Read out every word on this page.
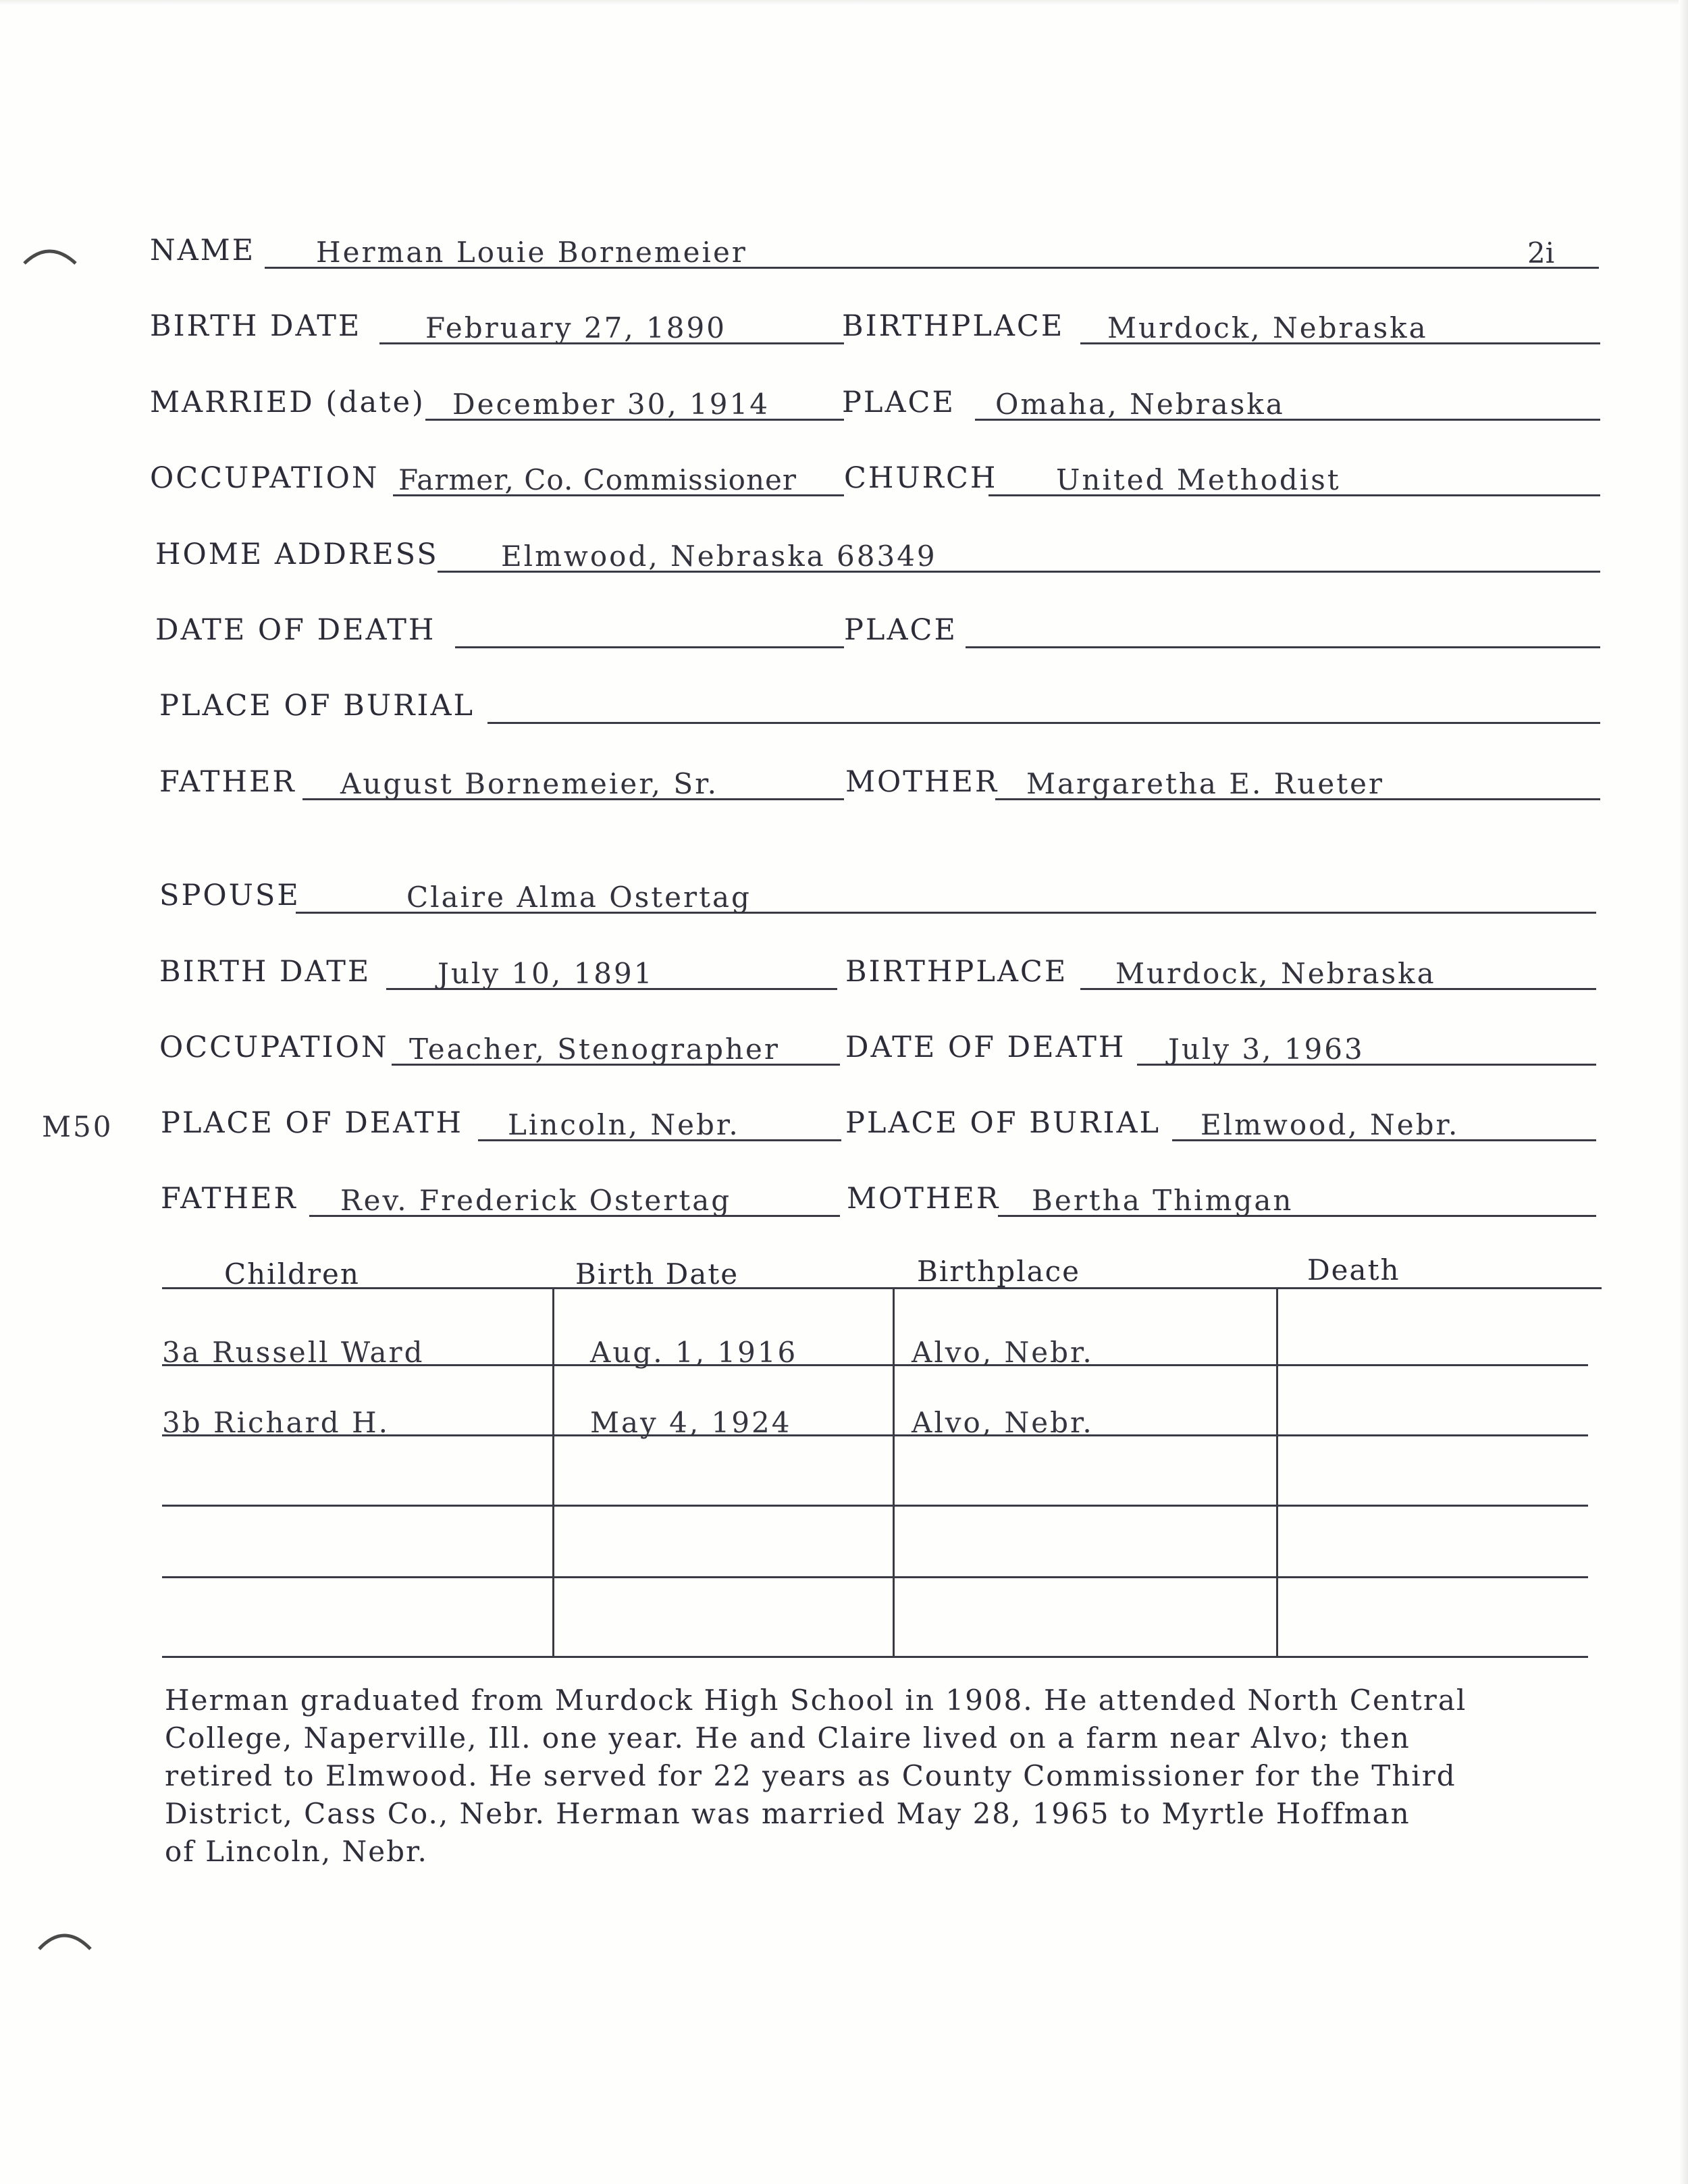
NAME Herman Louie Bornemeier	2i
BIRTH DATE February 27, 1890	BIRTHPLACE Murdock, Nebraska
MARRIED (date) December 30, 1914 PLACE Omaha, Nebraska
OCCUPATION Farmer, Co. Commissioner CHURCH United Methodist
HOME ADDRESS Elmwood, Nebraska 68349
DATE OF DEATH	PLACE
PLACE OF BURIAL
FATHER August Bornemeier, Sr.	MOTHER Margaretha E. Rueter
SPOUSE	Claire Alma Ostertag
BIRTH DATE July 10, 1891	BIRTHPLACE Murdock, Nebraska
OCCUPATION Teacher, Stenographer DATE OF DEATH July 3, 1963
M50 PLACE OF DEATH Lincoln, Nebr.	PLACE OF BURIAL Elmwood, Nebr.
FATHER Rev. Frederick Ostertag	MOTHER Bertha Thimgan
Children	Birth Date	Birthplace	Death
3a Russell Ward	Aug. 1, 1916	Alvo, Nebr.
3b Richard H.	May 4, 1924	Alvo, Nebr.

Herman graduated from Murdock High School in 1908. He attended North Central

College, Naperville, Ill. one year. He and Claire lived on a farm near Alvo; then

retired to Elmwood. He served for 22 years as County Commissioner for the Third

District, Cass Co., Nebr. Herman was married May 28, 1965 to Myrtle Hoffman

of Lincoln, Nebr.
